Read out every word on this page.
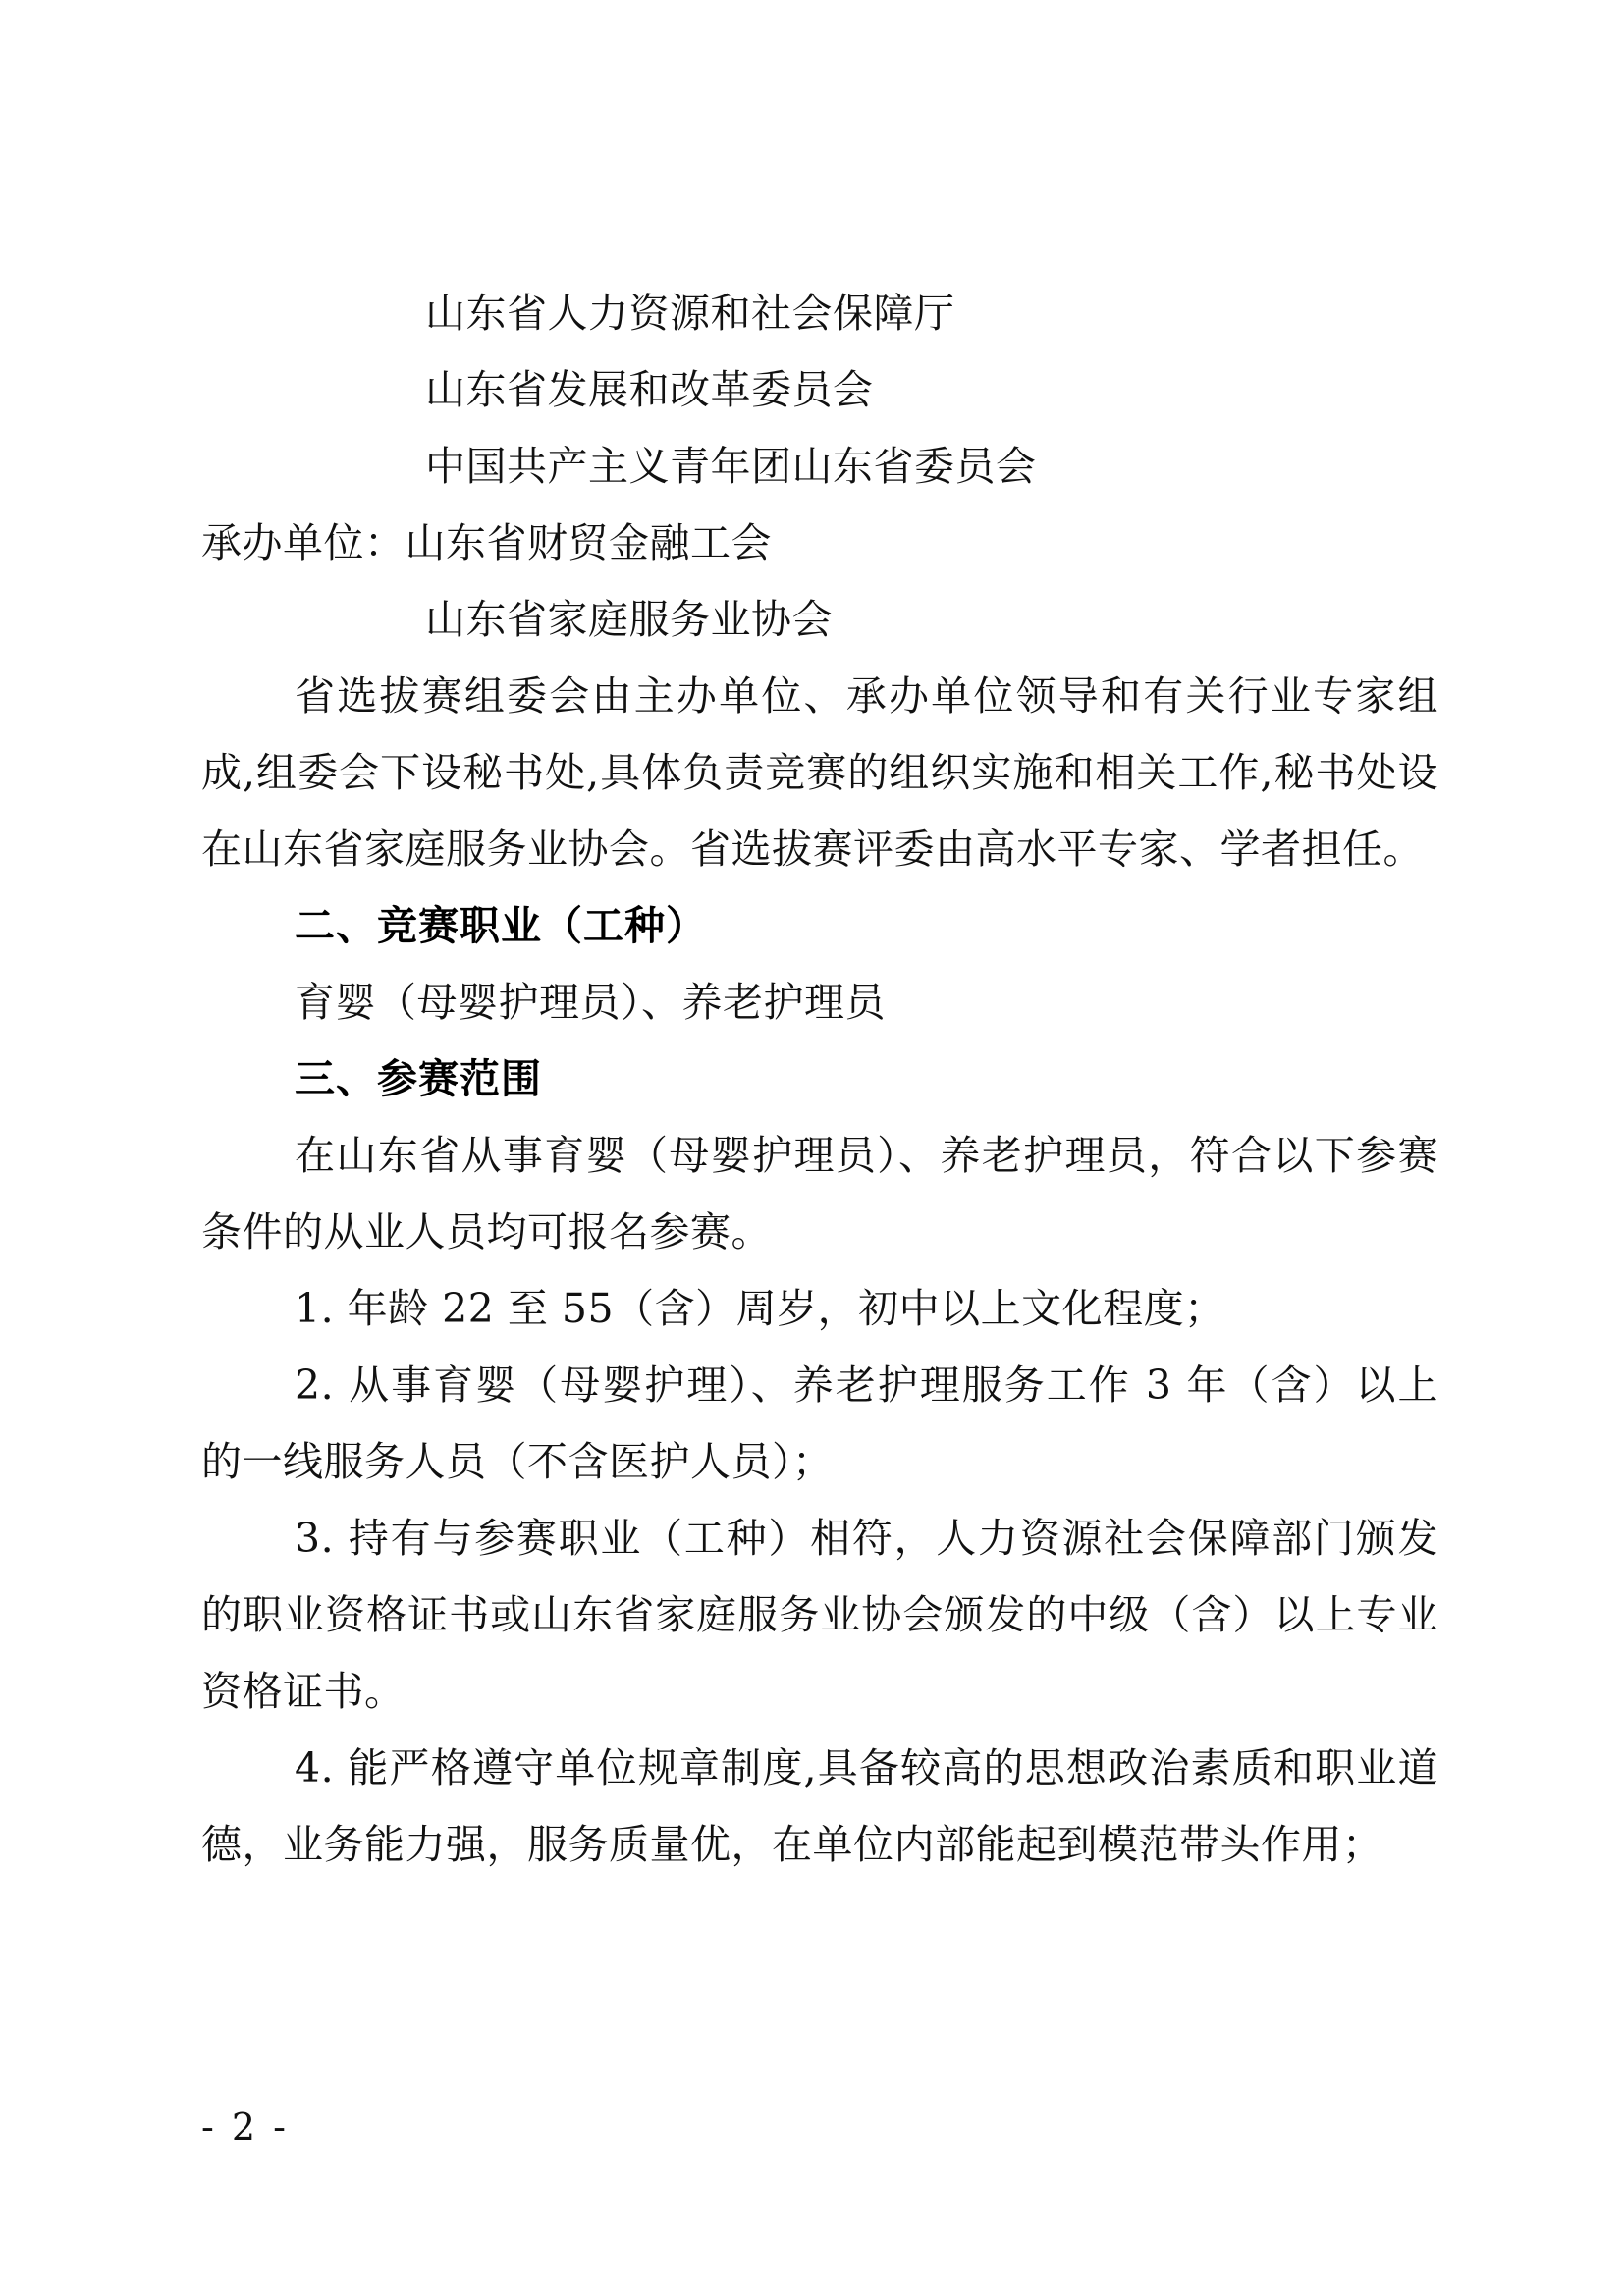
山东省人力资源和社会保障厅
山东省发展和改革委员会
中国共产主义青年团山东省委员会
承办单位：山东省财贸金融工会
山东省家庭服务业协会

省选拔赛组委会由主办单位、承办单位领导和有关行业专家组成,组委会下设秘书处,具体负责竞赛的组织实施和相关工作,秘书处设在山东省家庭服务业协会。省选拔赛评委由高水平专家、学者担任。

二、竞赛职业（工种）
育婴（母婴护理员）、养老护理员
三、参赛范围

在山东省从事育婴（母婴护理员）、养老护理员，符合以下参赛条件的从业人员均可报名参赛。

1. 年龄 22 至 55（含）周岁，初中以上文化程度；

2. 从事育婴（母婴护理）、养老护理服务工作 3 年（含）以上的一线服务人员（不含医护人员）；

3. 持有与参赛职业（工种）相符，人力资源社会保障部门颁发的职业资格证书或山东省家庭服务业协会颁发的中级（含）以上专业资格证书。

4. 能严格遵守单位规章制度,具备较高的思想政治素质和职业道德，业务能力强，服务质量优，在单位内部能起到模范带头作用；

- 2 -
